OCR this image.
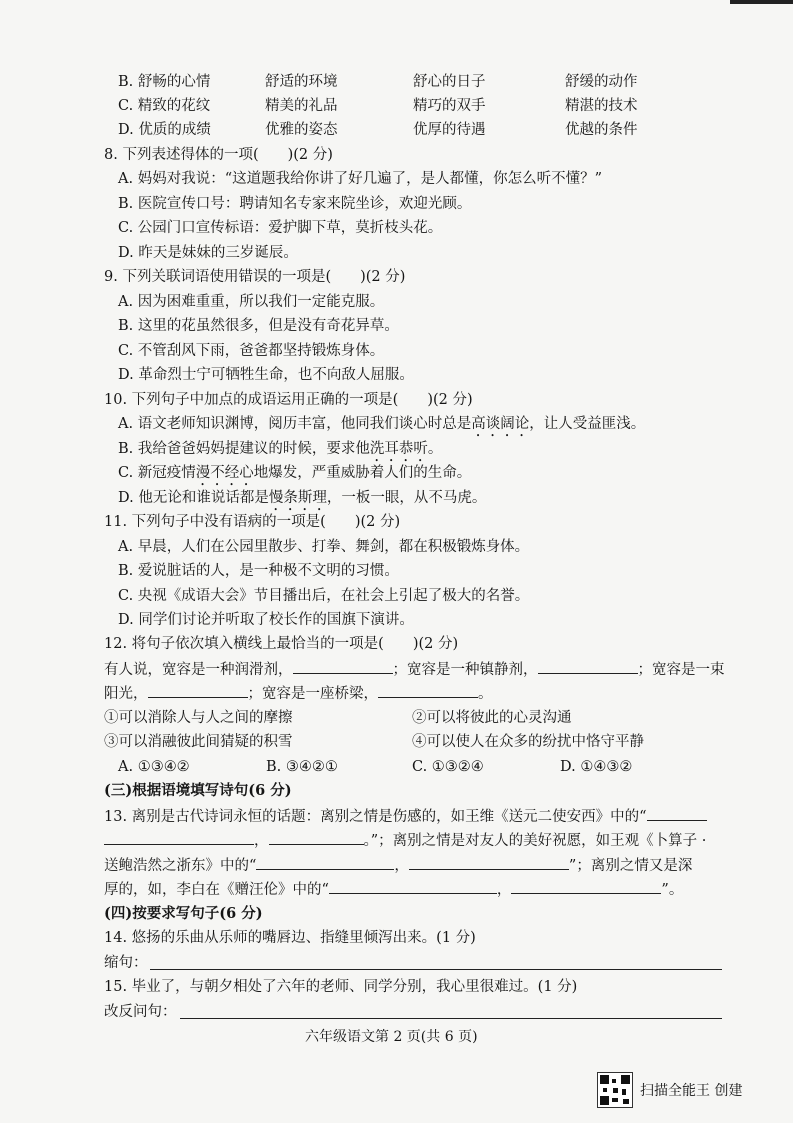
B. 舒畅的心情	舒适的环境	舒心的日子	舒缓的动作
C. 精致的花纹	精美的礼品	精巧的双手	精湛的技术
D. 优质的成绩	优雅的姿态	优厚的待遇	优越的条件
8. 下列表述得体的一项(　　)(2 分)
A. 妈妈对我说：“这道题我给你讲了好几遍了，是人都懂，你怎么听不懂？”
B. 医院宣传口号：聘请知名专家来院坐诊，欢迎光顾。
C. 公园门口宣传标语：爱护脚下草，莫折枝头花。
D. 昨天是妹妹的三岁诞辰。
9. 下列关联词语使用错误的一项是(　　)(2 分)
A. 因为困难重重，所以我们一定能克服。
B. 这里的花虽然很多，但是没有奇花异草。
C. 不管刮风下雨，爸爸都坚持锻炼身体。
D. 革命烈士宁可牺牲生命，也不向敌人屈服。
10. 下列句子中加点的成语运用正确的一项是(　　)(2 分)
A. 语文老师知识渊博，阅历丰富，他同我们谈心时总是高谈阔论，让人受益匪浅。
B. 我给爸爸妈妈提建议的时候，要求他洗耳恭听。
C. 新冠疫情漫不经心地爆发，严重威胁着人们的生命。
D. 他无论和谁说话都是慢条斯理，一板一眼，从不马虎。
11. 下列句子中没有语病的一项是(　　)(2 分)
A. 早晨，人们在公园里散步、打拳、舞剑，都在积极锻炼身体。
B. 爱说脏话的人，是一种极不文明的习惯。
C. 央视《成语大会》节目播出后，在社会上引起了极大的名誉。
D. 同学们讨论并听取了校长作的国旗下演讲。
12. 将句子依次填入横线上最恰当的一项是(　　)(2 分)
有人说，宽容是一种润滑剂，	；宽容是一种镇静剂，	；宽容是一束
阳光，	；宽容是一座桥梁，	。
①可以消除人与人之间的摩擦	②可以将彼此的心灵沟通
③可以消融彼此间猜疑的积雪	④可以使人在众多的纷扰中恪守平静
A. ①③④②	B. ③④②①	C. ①③②④	D. ①④③②
(三)根据语境填写诗句(6 分)
13. 离别是古代诗词永恒的话题：离别之情是伤感的，如王维《送元二使安西》中的“
，	。”；离别之情是对友人的美好祝愿，如王观《卜算子 ·
送鲍浩然之浙东》中的“	，	”；离别之情又是深
厚的，如，李白在《赠汪伦》中的“	，	”。
(四)按要求写句子(6 分)
14. 悠扬的乐曲从乐师的嘴唇边、指缝里倾泻出来。(1 分)
缩句：
15. 毕业了，与朝夕相处了六年的老师、同学分别，我心里很难过。(1 分)
改反问句：
六年级语文第 2 页(共 6 页)
扫描全能王 创建
